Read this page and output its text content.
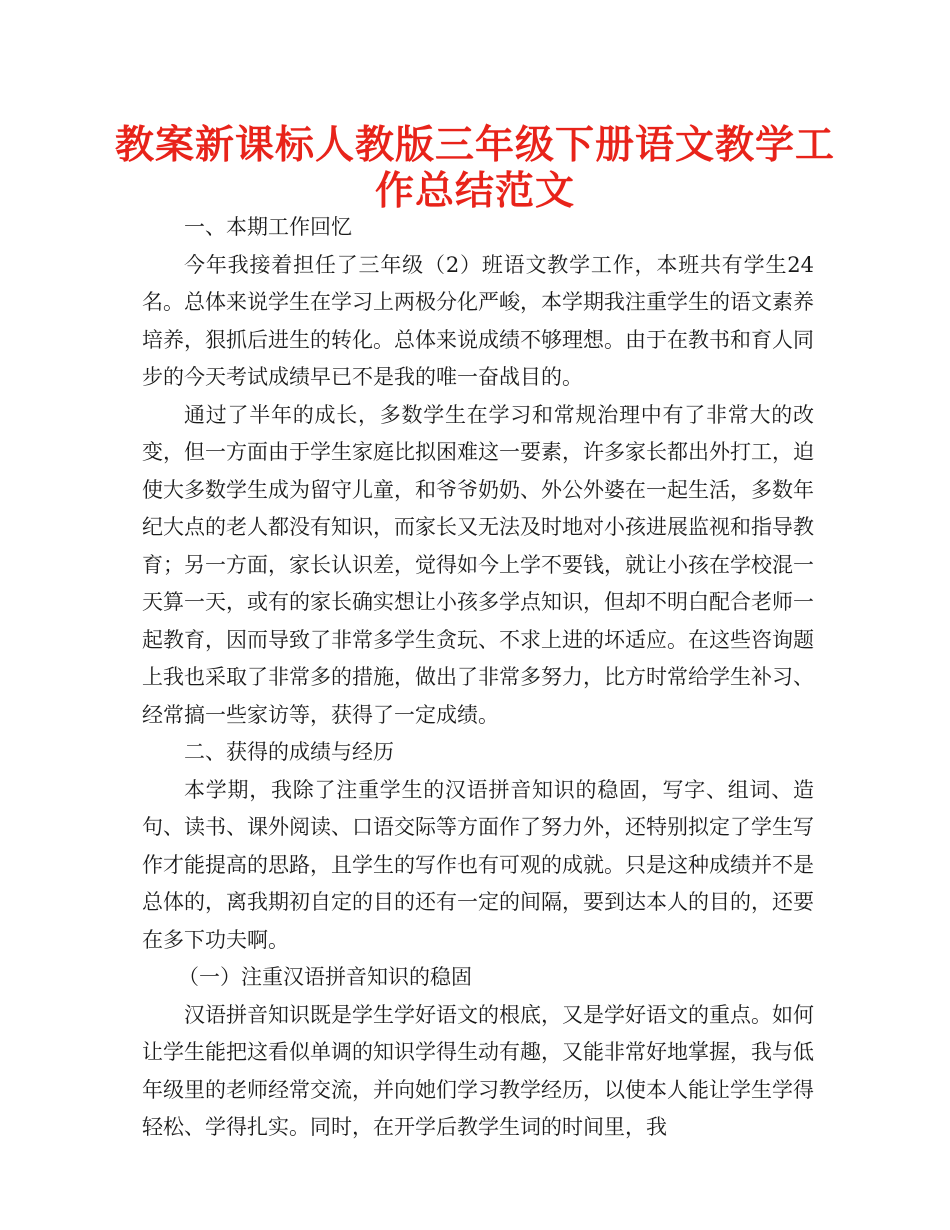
教案新课标人教版三年级下册语文教学工
作总结范文

一、本期工作回忆

今年我接着担任了三年级（2）班语文教学工作，本班共有学生24名。总体来说学生在学习上两极分化严峻，本学期我注重学生的语文素养培养，狠抓后进生的转化。总体来说成绩不够理想。由于在教书和育人同步的今天考试成绩早已不是我的唯一奋战目的。

通过了半年的成长，多数学生在学习和常规治理中有了非常大的改变，但一方面由于学生家庭比拟困难这一要素，许多家长都出外打工，迫使大多数学生成为留守儿童，和爷爷奶奶、外公外婆在一起生活，多数年纪大点的老人都没有知识，而家长又无法及时地对小孩进展监视和指导教育；另一方面，家长认识差，觉得如今上学不要钱，就让小孩在学校混一天算一天，或有的家长确实想让小孩多学点知识，但却不明白配合老师一起教育，因而导致了非常多学生贪玩、不求上进的坏适应。在这些咨询题上我也采取了非常多的措施，做出了非常多努力，比方时常给学生补习、经常搞一些家访等，获得了一定成绩。

二、获得的成绩与经历

本学期，我除了注重学生的汉语拼音知识的稳固，写字、组词、造句、读书、课外阅读、口语交际等方面作了努力外，还特别拟定了学生写作才能提高的思路，且学生的写作也有可观的成就。只是这种成绩并不是总体的，离我期初自定的目的还有一定的间隔，要到达本人的目的，还要在多下功夫啊。

（一）注重汉语拼音知识的稳固

汉语拼音知识既是学生学好语文的根底，又是学好语文的重点。如何让学生能把这看似单调的知识学得生动有趣，又能非常好地掌握，我与低年级里的老师经常交流，并向她们学习教学经历，以使本人能让学生学得轻松、学得扎实。同时，在开学后教学生词的时间里，我
